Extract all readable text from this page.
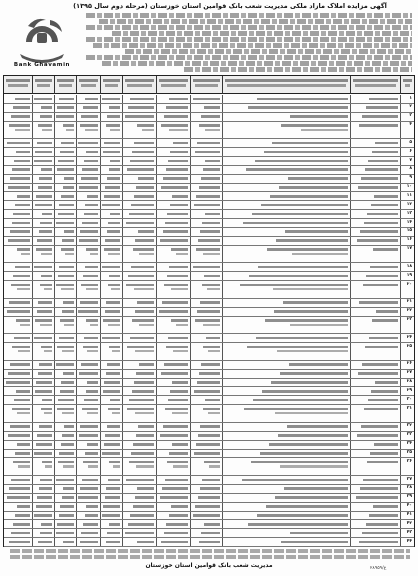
آگهی مزایده املاک مازاد ملکی مدیریت شعب بانک قوامین استان خوزستان (مرحله دوم سال ۱۳۹۵)
Bank Ghavamin
۱
۲
۳
۴
۵
۶
۷
۸
۹
۱۰
۱۱
۱۲
۱۳
۱۴
۱۵
۱۶
۱۷
۱۸
۱۹
۲۰
۲۱
۲۲
۲۳
۲۴
۲۵
۲۶
۲۷
۲۸
۲۹
۳۰
۳۱
۳۲
۳۳
۳۴
۳۵
۳۶
۳۷
۳۸
۳۹
۴۰
۴۱
۴۲
۴۳
۴۴
مدیریت شعب بانک قوامین استان خوزستان	ع/۲۸۹۵۹
